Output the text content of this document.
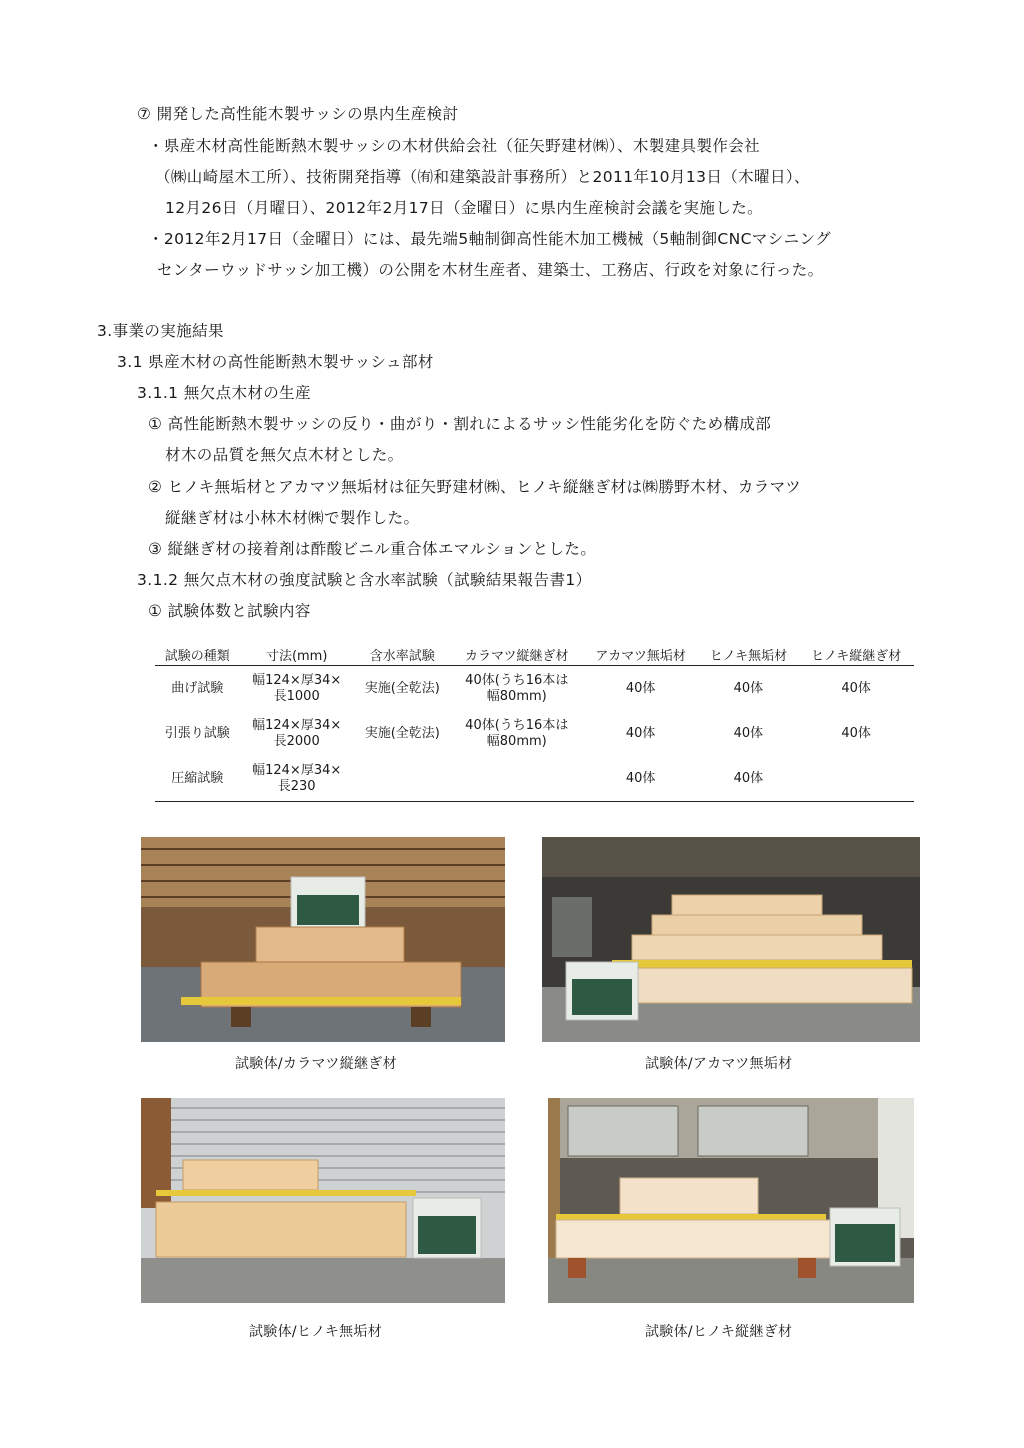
⑦ 開発した高性能木製サッシの県内生産検討
・県産木材高性能断熱木製サッシの木材供給会社（征矢野建材㈱）、木製建具製作会社
（㈱山崎屋木工所）、技術開発指導（㈲和建築設計事務所）と2011年10月13日（木曜日）、
12月26日（月曜日）、2012年2月17日（金曜日）に県内生産検討会議を実施した。
・2012年2月17日（金曜日）には、最先端5軸制御高性能木加工機械（5軸制御CNCマシニング
センターウッドサッシ加工機）の公開を木材生産者、建築士、工務店、行政を対象に行った。
3.事業の実施結果
3.1 県産木材の高性能断熱木製サッシュ部材
3.1.1 無欠点木材の生産
① 高性能断熱木製サッシの反り・曲がり・割れによるサッシ性能劣化を防ぐため構成部
材木の品質を無欠点木材とした。
② ヒノキ無垢材とアカマツ無垢材は征矢野建材㈱、ヒノキ縦継ぎ材は㈱勝野木材、カラマツ
縦継ぎ材は小林木材㈱で製作した。
③ 縦継ぎ材の接着剤は酢酸ビニル重合体エマルションとした。
3.1.2 無欠点木材の強度試験と含水率試験（試験結果報告書1）
① 試験体数と試験内容
試験の種類	寸法(mm)	含水率試験	カラマツ縦継ぎ材	アカマツ無垢材	ヒノキ無垢材	ヒノキ縦継ぎ材
曲げ試験	幅124×厚34×
長1000	実施(全乾法)	40体(うち16本は
幅80mm)	40体	40体	40体
引張り試験	幅124×厚34×
長2000	実施(全乾法)	40体(うち16本は
幅80mm)	40体	40体	40体
圧縮試験	幅124×厚34×
長230			40体	40体	
試験体/カラマツ縦継ぎ材	試験体/アカマツ無垢材
試験体/ヒノキ無垢材	試験体/ヒノキ縦継ぎ材
